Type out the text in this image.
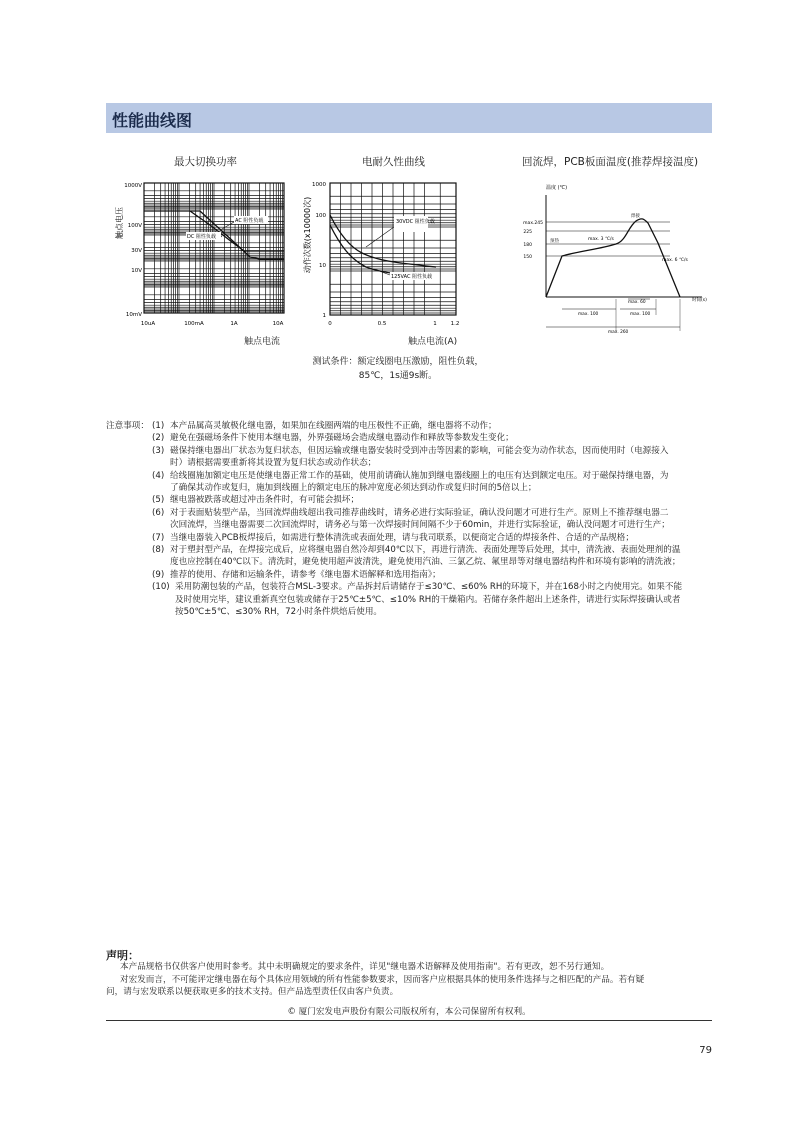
性能曲线图
最大切换功率	电耐久性曲线	回流焊，PCB板面温度(推荐焊接温度)
触点电压
1000V
100V
30V
10V
10mV
10uA	100mA	1A	10A
AC 阻性负载
DC 阻性负载
触点电流
动作次数(x10000次)
1000
100
10
1
0	0.5	1	1.2
30VDC 阻性负载
125VAC 阻性负载
触点电流(A)
温度 (℃)
时间(s)
max.245
225
180
150
预热
焊接
max. 3 ℃/s
max. 6 ℃/s
max. 60
max. 100
max. 100
max. 260
测试条件：额定线圈电压激励，阻性负载，
85℃，1s通9s断。
注意事项： (1) 本产品属高灵敏极化继电器，如果加在线圈两端的电压极性不正确，继电器将不动作；
(2) 避免在强磁场条件下使用本继电器，外界强磁场会造成继电器动作和释放等参数发生变化；
(3) 磁保持继电器出厂状态为复归状态，但因运输或继电器安装时受到冲击等因素的影响，可能会变为动作状态，因而使用时（电源接入
时）请根据需要重新将其设置为复归状态或动作状态；
(4) 给线圈施加额定电压是使继电器正常工作的基础，使用前请确认施加到继电器线圈上的电压有达到额定电压。对于磁保持继电器，为
了确保其动作或复归，施加到线圈上的额定电压的脉冲宽度必须达到动作或复归时间的5倍以上；
(5) 继电器被跌落或超过冲击条件时，有可能会损坏；
(6) 对于表面贴装型产品，当回流焊曲线超出我司推荐曲线时，请务必进行实际验证，确认没问题才可进行生产。原则上不推荐继电器二
次回流焊，当继电器需要二次回流焊时，请务必与第一次焊接时间间隔不少于60min，并进行实际验证，确认没问题才可进行生产；
(7) 当继电器装入PCB板焊接后，如需进行整体清洗或表面处理，请与我司联系，以便商定合适的焊接条件、合适的产品规格；
(8) 对于塑封型产品，在焊接完成后，应将继电器自然冷却到40℃以下，再进行清洗、表面处理等后处理，其中，清洗液、表面处理剂的温
度也应控制在40℃以下。清洗时，避免使用超声波清洗，避免使用汽油、三氯乙烷、氟里昂等对继电器结构件和环境有影响的清洗液；
(9) 推荐的使用、存储和运输条件，请参考《继电器术语解释和选用指南》；
(10) 采用防潮包装的产品，包装符合MSL-3要求。产品拆封后请储存于≤30℃、≤60% RH的环境下，并在168小时之内使用完。如果不能
及时使用完毕，建议重新真空包装或储存于25℃±5℃、≤10% RH的干燥箱内。若储存条件超出上述条件，请进行实际焊接确认或者
按50℃±5℃、≤30% RH，72小时条件烘焙后使用。
声明：
本产品规格书仅供客户使用时参考。其中未明确规定的要求条件，详见"继电器术语解释及使用指南"。若有更改，恕不另行通知。
对宏发而言，不可能评定继电器在每个具体应用领域的所有性能参数要求，因而客户应根据具体的使用条件选择与之相匹配的产品。若有疑
问，请与宏发联系以便获取更多的技术支持。但产品选型责任仅由客户负责。
© 厦门宏发电声股份有限公司版权所有，本公司保留所有权利。
79
